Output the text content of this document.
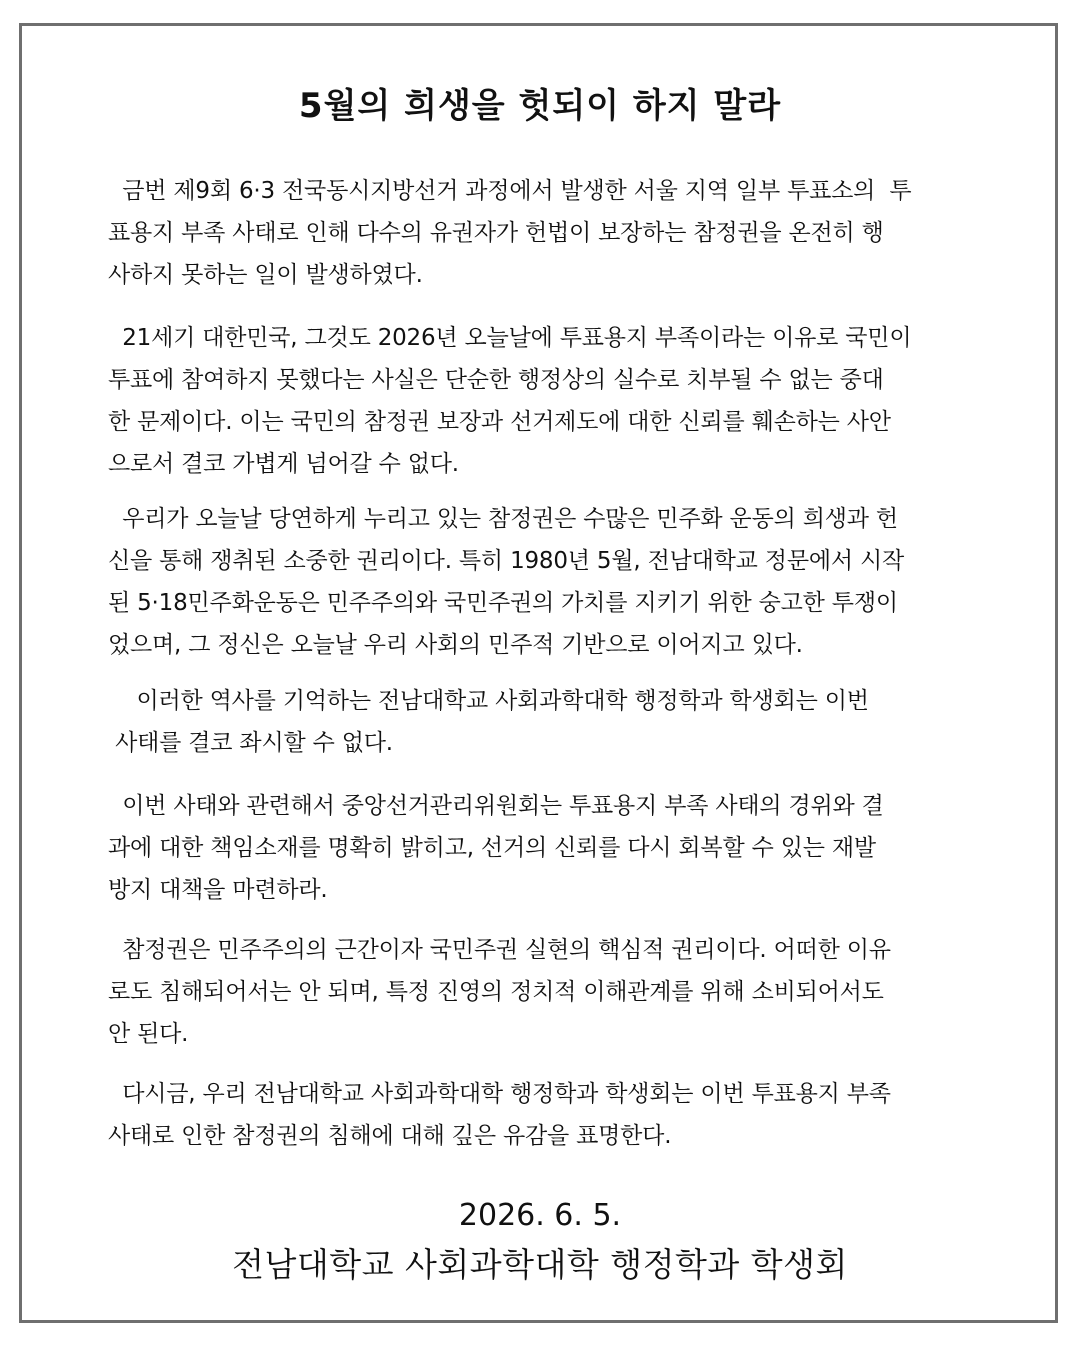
5월의 희생을 헛되이 하지 말라
금번 제9회 6·3 전국동시지방선거 과정에서 발생한 서울 지역 일부 투표소의  투
표용지 부족 사태로 인해 다수의 유권자가 헌법이 보장하는 참정권을 온전히 행
사하지 못하는 일이 발생하였다.
21세기 대한민국, 그것도 2026년 오늘날에 투표용지 부족이라는 이유로 국민이
투표에 참여하지 못했다는 사실은 단순한 행정상의 실수로 치부될 수 없는 중대
한 문제이다. 이는 국민의 참정권 보장과 선거제도에 대한 신뢰를 훼손하는 사안
으로서 결코 가볍게 넘어갈 수 없다.
우리가 오늘날 당연하게 누리고 있는 참정권은 수많은 민주화 운동의 희생과 헌
신을 통해 쟁취된 소중한 권리이다. 특히 1980년 5월, 전남대학교 정문에서 시작
된 5·18민주화운동은 민주주의와 국민주권의 가치를 지키기 위한 숭고한 투쟁이
었으며, 그 정신은 오늘날 우리 사회의 민주적 기반으로 이어지고 있다.
이러한 역사를 기억하는 전남대학교 사회과학대학 행정학과 학생회는 이번
사태를 결코 좌시할 수 없다.
이번 사태와 관련해서 중앙선거관리위원회는 투표용지 부족 사태의 경위와 결
과에 대한 책임소재를 명확히 밝히고, 선거의 신뢰를 다시 회복할 수 있는 재발
방지 대책을 마련하라.
참정권은 민주주의의 근간이자 국민주권 실현의 핵심적 권리이다. 어떠한 이유
로도 침해되어서는 안 되며, 특정 진영의 정치적 이해관계를 위해 소비되어서도
안 된다.
다시금, 우리 전남대학교 사회과학대학 행정학과 학생회는 이번 투표용지 부족
사태로 인한 참정권의 침해에 대해 깊은 유감을 표명한다.
2026. 6. 5.
전남대학교 사회과학대학 행정학과 학생회
